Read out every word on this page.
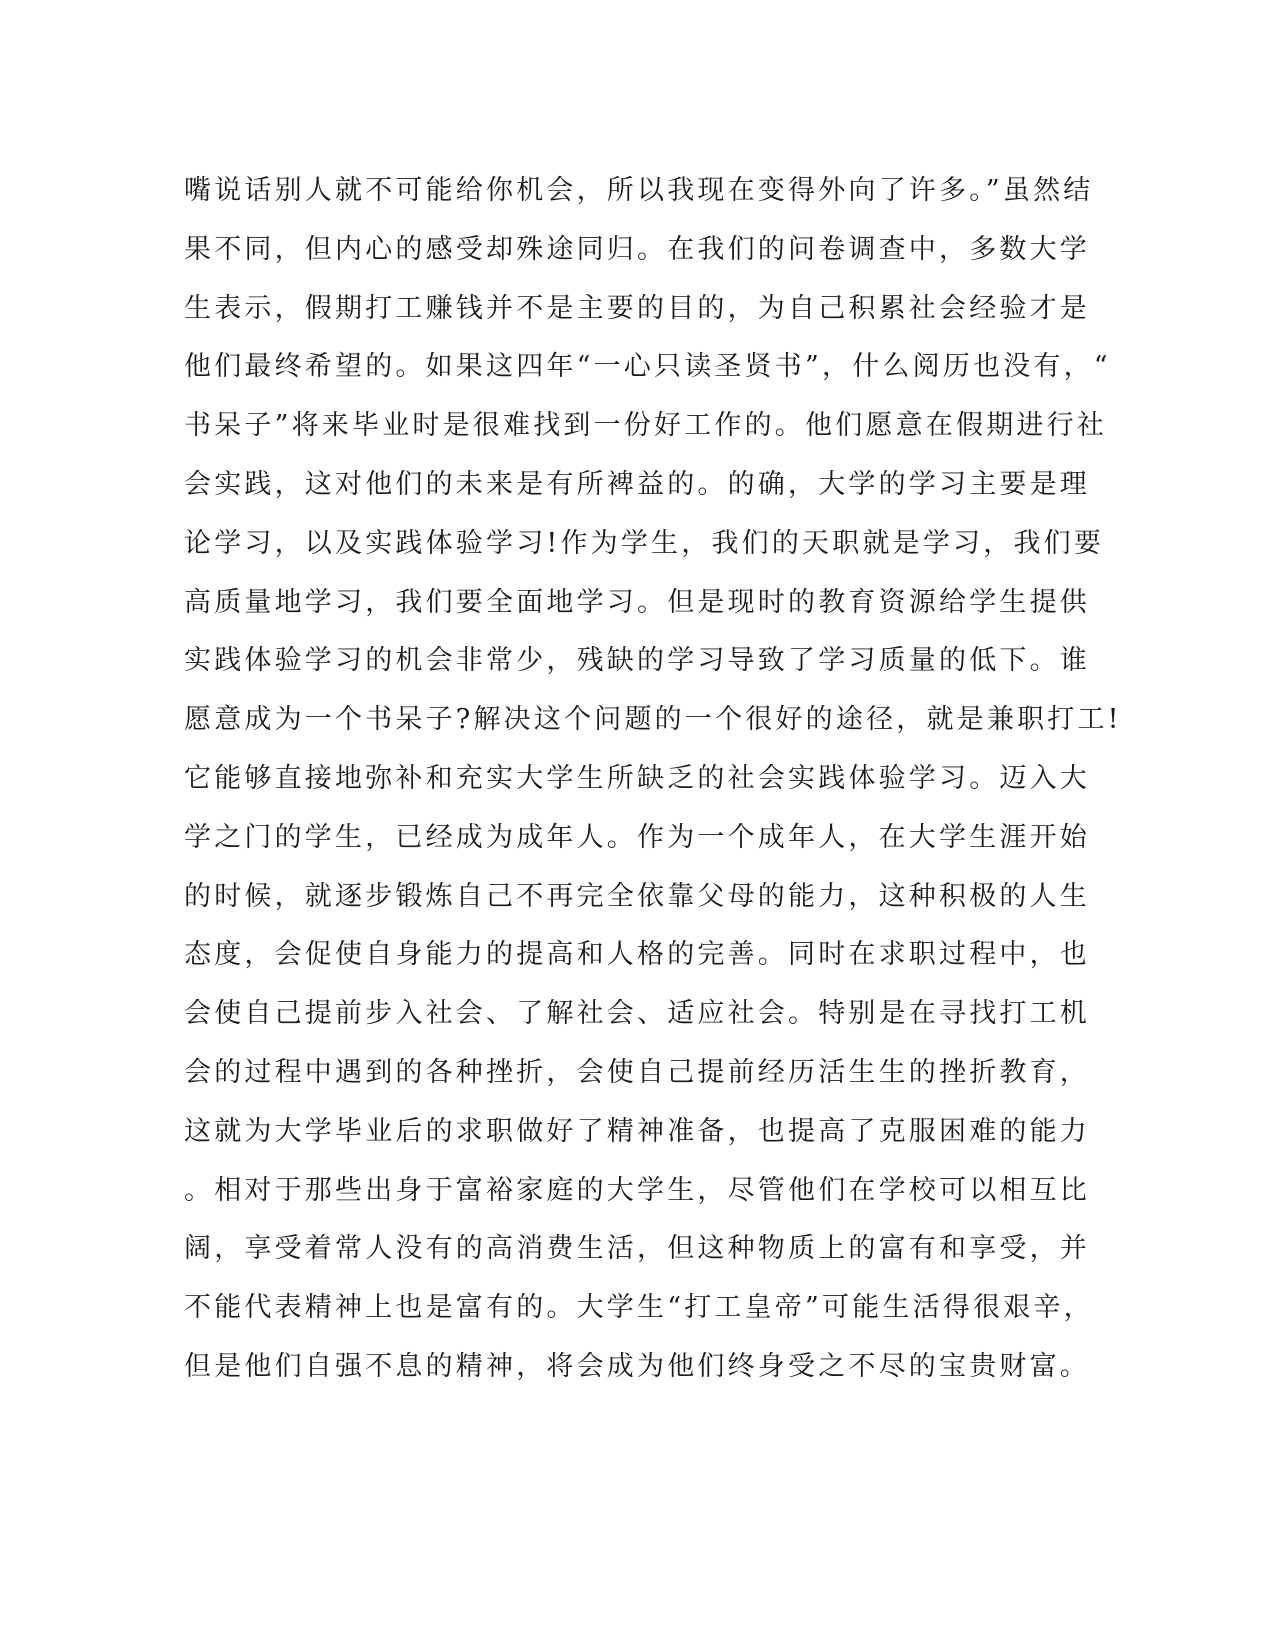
嘴说话别人就不可能给你机会，所以我现在变得外向了许多。”虽然结
果不同，但内心的感受却殊途同归。在我们的问卷调查中，多数大学
生表示，假期打工赚钱并不是主要的目的，为自己积累社会经验才是
他们最终希望的。如果这四年“一心只读圣贤书”，什么阅历也没有，“
书呆子”将来毕业时是很难找到一份好工作的。他们愿意在假期进行社
会实践，这对他们的未来是有所裨益的。的确，大学的学习主要是理
论学习，以及实践体验学习!作为学生，我们的天职就是学习，我们要
高质量地学习，我们要全面地学习。但是现时的教育资源给学生提供
实践体验学习的机会非常少，残缺的学习导致了学习质量的低下。谁
愿意成为一个书呆子?解决这个问题的一个很好的途径，就是兼职打工!
它能够直接地弥补和充实大学生所缺乏的社会实践体验学习。迈入大
学之门的学生，已经成为成年人。作为一个成年人，在大学生涯开始
的时候，就逐步锻炼自己不再完全依靠父母的能力，这种积极的人生
态度，会促使自身能力的提高和人格的完善。同时在求职过程中，也
会使自己提前步入社会、了解社会、适应社会。特别是在寻找打工机
会的过程中遇到的各种挫折，会使自己提前经历活生生的挫折教育，
这就为大学毕业后的求职做好了精神准备，也提高了克服困难的能力
。相对于那些出身于富裕家庭的大学生，尽管他们在学校可以相互比
阔，享受着常人没有的高消费生活，但这种物质上的富有和享受，并
不能代表精神上也是富有的。大学生“打工皇帝”可能生活得很艰辛，
但是他们自强不息的精神，将会成为他们终身受之不尽的宝贵财富。
